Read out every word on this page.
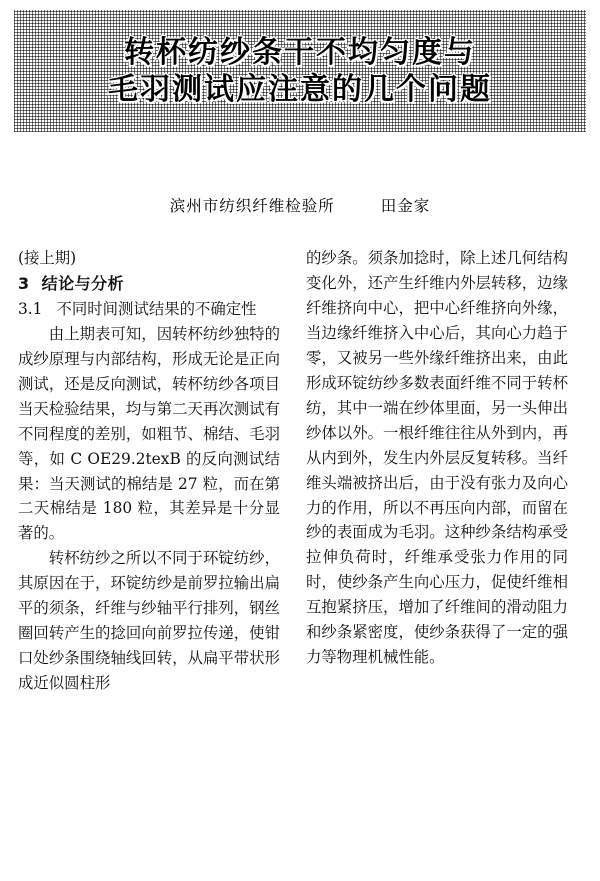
转杯纺纱条干不均匀度与
毛羽测试应注意的几个问题
滨州市纺织纤维检验所	田金家

(接上期)

3 结论与分析

3.1 不同时间测试结果的不确定性

由上期表可知，因转杯纺纱独特的成纱原理与内部结构，形成无论是正向测试，还是反向测试，转杯纺纱各项目当天检验结果，均与第二天再次测试有不同程度的差别，如粗节、棉结、毛羽等，如 C OE29.2texB 的反向测试结果：当天测试的棉结是 27 粒，而在第二天棉结是 180 粒，其差异是十分显著的。

转杯纺纱之所以不同于环锭纺纱，其原因在于，环锭纺纱是前罗拉输出扁平的须条，纤维与纱轴平行排列，钢丝圈回转产生的捻回向前罗拉传递，使钳口处纱条围绕轴线回转，从扁平带状形成近似圆柱形

的纱条。须条加捻时，除上述几何结构变化外，还产生纤维内外层转移，边缘纤维挤向中心，把中心纤维挤向外缘，当边缘纤维挤入中心后，其向心力趋于零，又被另一些外缘纤维挤出来，由此形成环锭纺纱多数表面纤维不同于转杯纺，其中一端在纱体里面，另一头伸出纱体以外。一根纤维往往从外到内，再从内到外，发生内外层反复转移。当纤维头端被挤出后，由于没有张力及向心力的作用，所以不再压向内部，而留在纱的表面成为毛羽。这种纱条结构承受拉伸负荷时，纤维承受张力作用的同时，使纱条产生向心压力，促使纤维相互抱紧挤压，增加了纤维间的滑动阻力和纱条紧密度，使纱条获得了一定的强力等物理机械性能。
